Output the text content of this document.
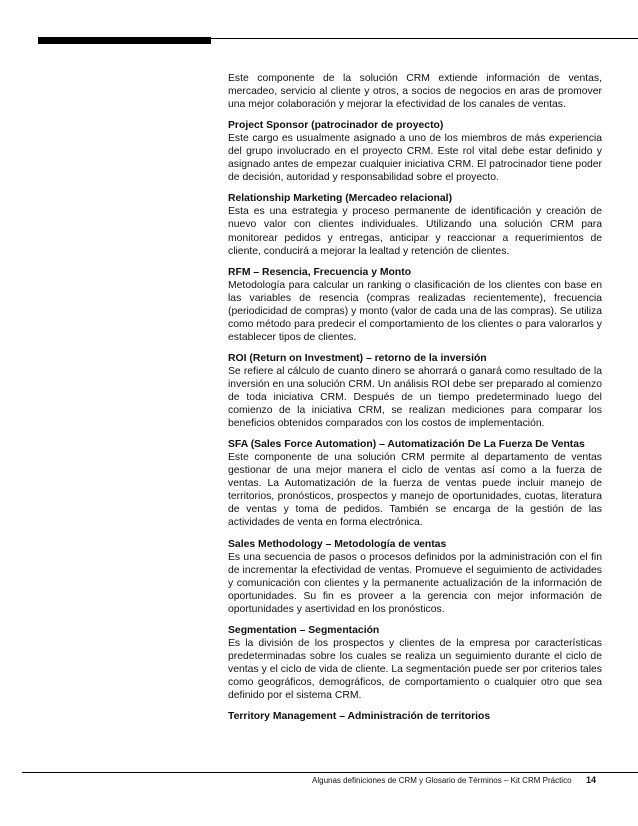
Este componente de la solución CRM extiende información de ventas, mercadeo, servicio al cliente y otros, a socios de negocios en aras de promover una mejor colaboración y mejorar la efectividad de los canales de ventas.

Project Sponsor (patrocinador de proyecto)

Este cargo es usualmente asignado a uno de los miembros de más experiencia del grupo involucrado en el proyecto CRM. Este rol vital debe estar definido y asignado antes de empezar cualquier iniciativa CRM. El patrocinador tiene poder de decisión, autoridad y responsabilidad sobre el proyecto.

Relationship Marketing (Mercadeo relacional)

Esta es una estrategia y proceso permanente de identificación y creación de nuevo valor con clientes individuales. Utilizando una solución CRM para monitorear pedidos y entregas, anticipar y reaccionar a requerimientos de cliente, conducirá a mejorar la lealtad y retención de clientes.

RFM – Resencia, Frecuencia y Monto

Metodología para calcular un ranking o clasificación de los clientes con base en las variables de resencia (compras realizadas recientemente), frecuencia (periodicidad de compras) y monto (valor de cada una de las compras). Se utiliza como método para predecir el comportamiento de los clientes o para valorarlos y establecer tipos de clientes.

ROI (Return on Investment) – retorno de la inversión

Se refiere al cálculo de cuanto dinero se ahorrará o ganará como resultado de la inversión en una solución CRM. Un análisis ROI debe ser preparado al comienzo de toda iniciativa CRM. Después de un tiempo predeterminado luego del comienzo de la iniciativa CRM, se realizan mediciones para comparar los beneficios obtenidos comparados con los costos de implementación.

SFA (Sales Force Automation) – Automatización De La Fuerza De Ventas

Este componente de una solución CRM permite al departamento de ventas gestionar de una mejor manera el ciclo de ventas así como a la fuerza de ventas. La Automatización de la fuerza de ventas puede incluir manejo de territorios, pronósticos, prospectos y manejo de oportunidades, cuotas, literatura de ventas y toma de pedidos. También se encarga de la gestión de las actividades de venta en forma electrónica.

Sales Methodology – Metodología de ventas

Es una secuencia de pasos o procesos definidos por la administración con el fin de incrementar la efectividad de ventas. Promueve el seguimiento de actividades y comunicación con clientes y la permanente actualización de la información de oportunidades. Su fin es proveer a la gerencia con mejor información de oportunidades y asertividad en los pronósticos.

Segmentation – Segmentación

Es la división de los prospectos y clientes de la empresa por características predeterminadas sobre los cuales se realiza un seguimiento durante el ciclo de ventas y el ciclo de vida de cliente. La segmentación puede ser por criterios tales como geográficos, demográficos, de comportamiento o cualquier otro que sea definido por el sistema CRM.

Territory Management – Administración de territorios

Algunas definiciones de CRM y Glosario de Términos – Kit CRM Práctico 14
